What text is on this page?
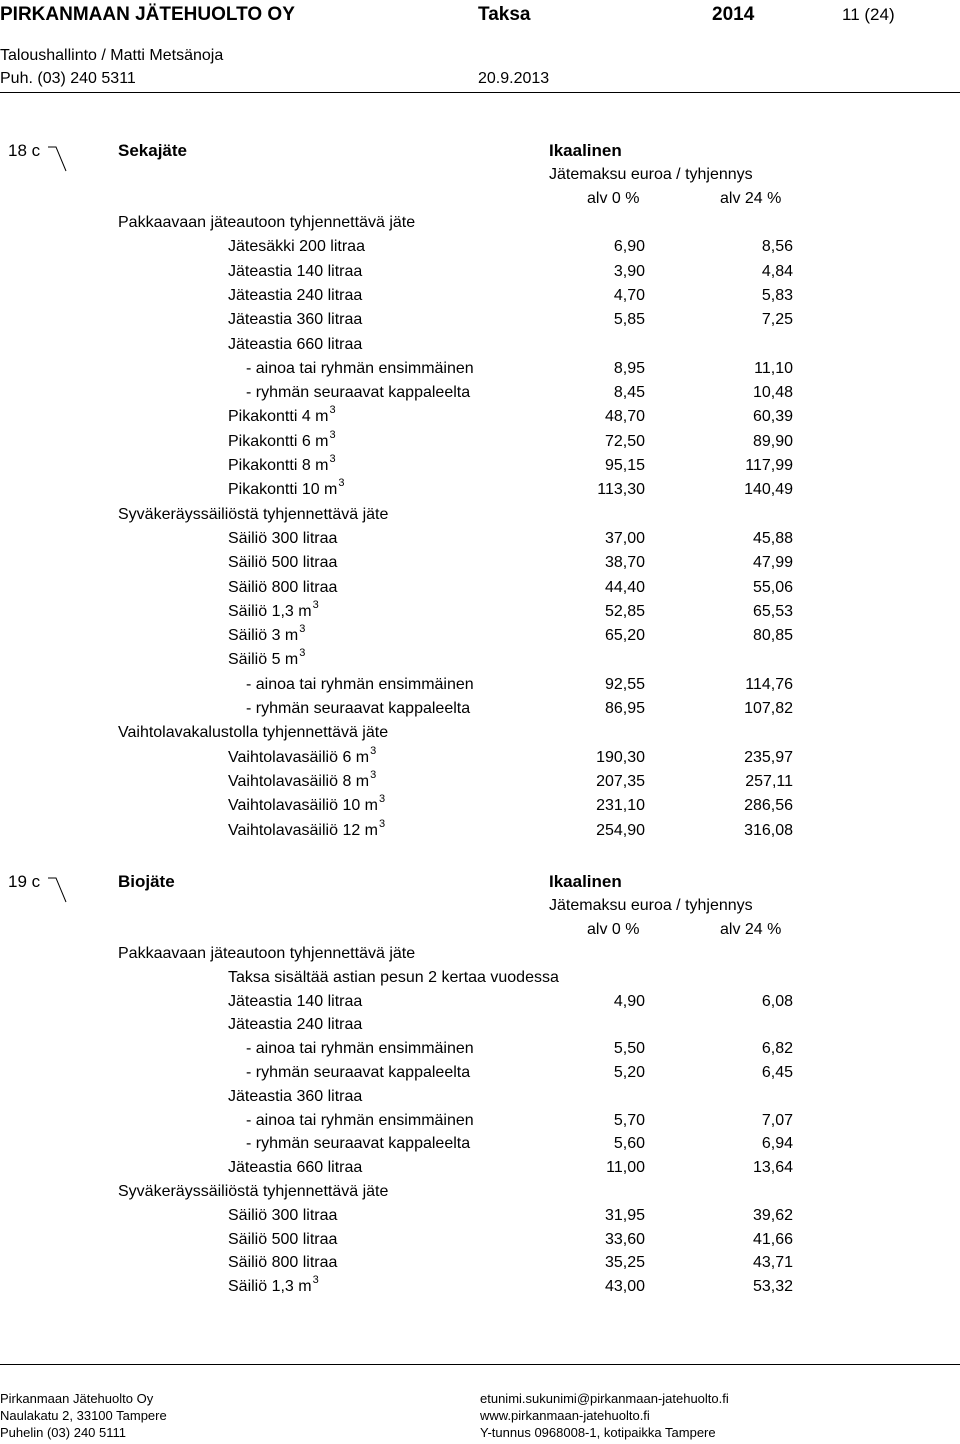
PIRKANMAAN JÄTEHUOLTO OY	Taksa	2014	11 (24)
Taloushallinto / Matti Metsänoja
Puh. (03) 240 5311	20.9.2013
18 c	Sekajäte	Ikaalinen
Jätemaksu euroa / tyhjennys
alv 0 %	alv 24 %
Pakkaavaan jäteautoon tyhjennettävä jäte
Jätesäkki 200 litraa	6,90	8,56
Jäteastia 140 litraa	3,90	4,84
Jäteastia 240 litraa	4,70	5,83
Jäteastia 360 litraa	5,85	7,25
Jäteastia 660 litraa
- ainoa tai ryhmän ensimmäinen	8,95	11,10
- ryhmän seuraavat kappaleelta	8,45	10,48
Pikakontti 4 $m^3$	48,70	60,39
Pikakontti 6 $m^3$	72,50	89,90
Pikakontti 8 $m^3$	95,15	117,99
Pikakontti 10 $m^3$	113,30	140,49
Syväkeräyssäiliöstä tyhjennettävä jäte
Säiliö 300 litraa	37,00	45,88
Säiliö 500 litraa	38,70	47,99
Säiliö 800 litraa	44,40	55,06
Säiliö 1,3 $m^3$	52,85	65,53
Säiliö 3 $m^3$	65,20	80,85
Säiliö 5 $m^3$
- ainoa tai ryhmän ensimmäinen	92,55	114,76
- ryhmän seuraavat kappaleelta	86,95	107,82
Vaihtolavakalustolla tyhjennettävä jäte
Vaihtolavasäiliö 6 $m^3$	190,30	235,97
Vaihtolavasäiliö 8 $m^3$	207,35	257,11
Vaihtolavasäiliö 10 $m^3$	231,10	286,56
Vaihtolavasäiliö 12 $m^3$	254,90	316,08
19 c	Biojäte	Ikaalinen
Jätemaksu euroa / tyhjennys
alv 0 %	alv 24 %
Pakkaavaan jäteautoon tyhjennettävä jäte
Taksa sisältää astian pesun 2 kertaa vuodessa
Jäteastia 140 litraa	4,90	6,08
Jäteastia 240 litraa
- ainoa tai ryhmän ensimmäinen	5,50	6,82
- ryhmän seuraavat kappaleelta	5,20	6,45
Jäteastia 360 litraa
- ainoa tai ryhmän ensimmäinen	5,70	7,07
- ryhmän seuraavat kappaleelta	5,60	6,94
Jäteastia 660 litraa	11,00	13,64
Syväkeräyssäiliöstä tyhjennettävä jäte
Säiliö 300 litraa	31,95	39,62
Säiliö 500 litraa	33,60	41,66
Säiliö 800 litraa	35,25	43,71
Säiliö 1,3 $m^3$	43,00	53,32
Pirkanmaan Jätehuolto Oy
Naulakatu 2, 33100 Tampere
Puhelin (03) 240 5111
etunimi.sukunimi@pirkanmaan-jatehuolto.fi
www.pirkanmaan-jatehuolto.fi
Y-tunnus 0968008-1, kotipaikka Tampere
